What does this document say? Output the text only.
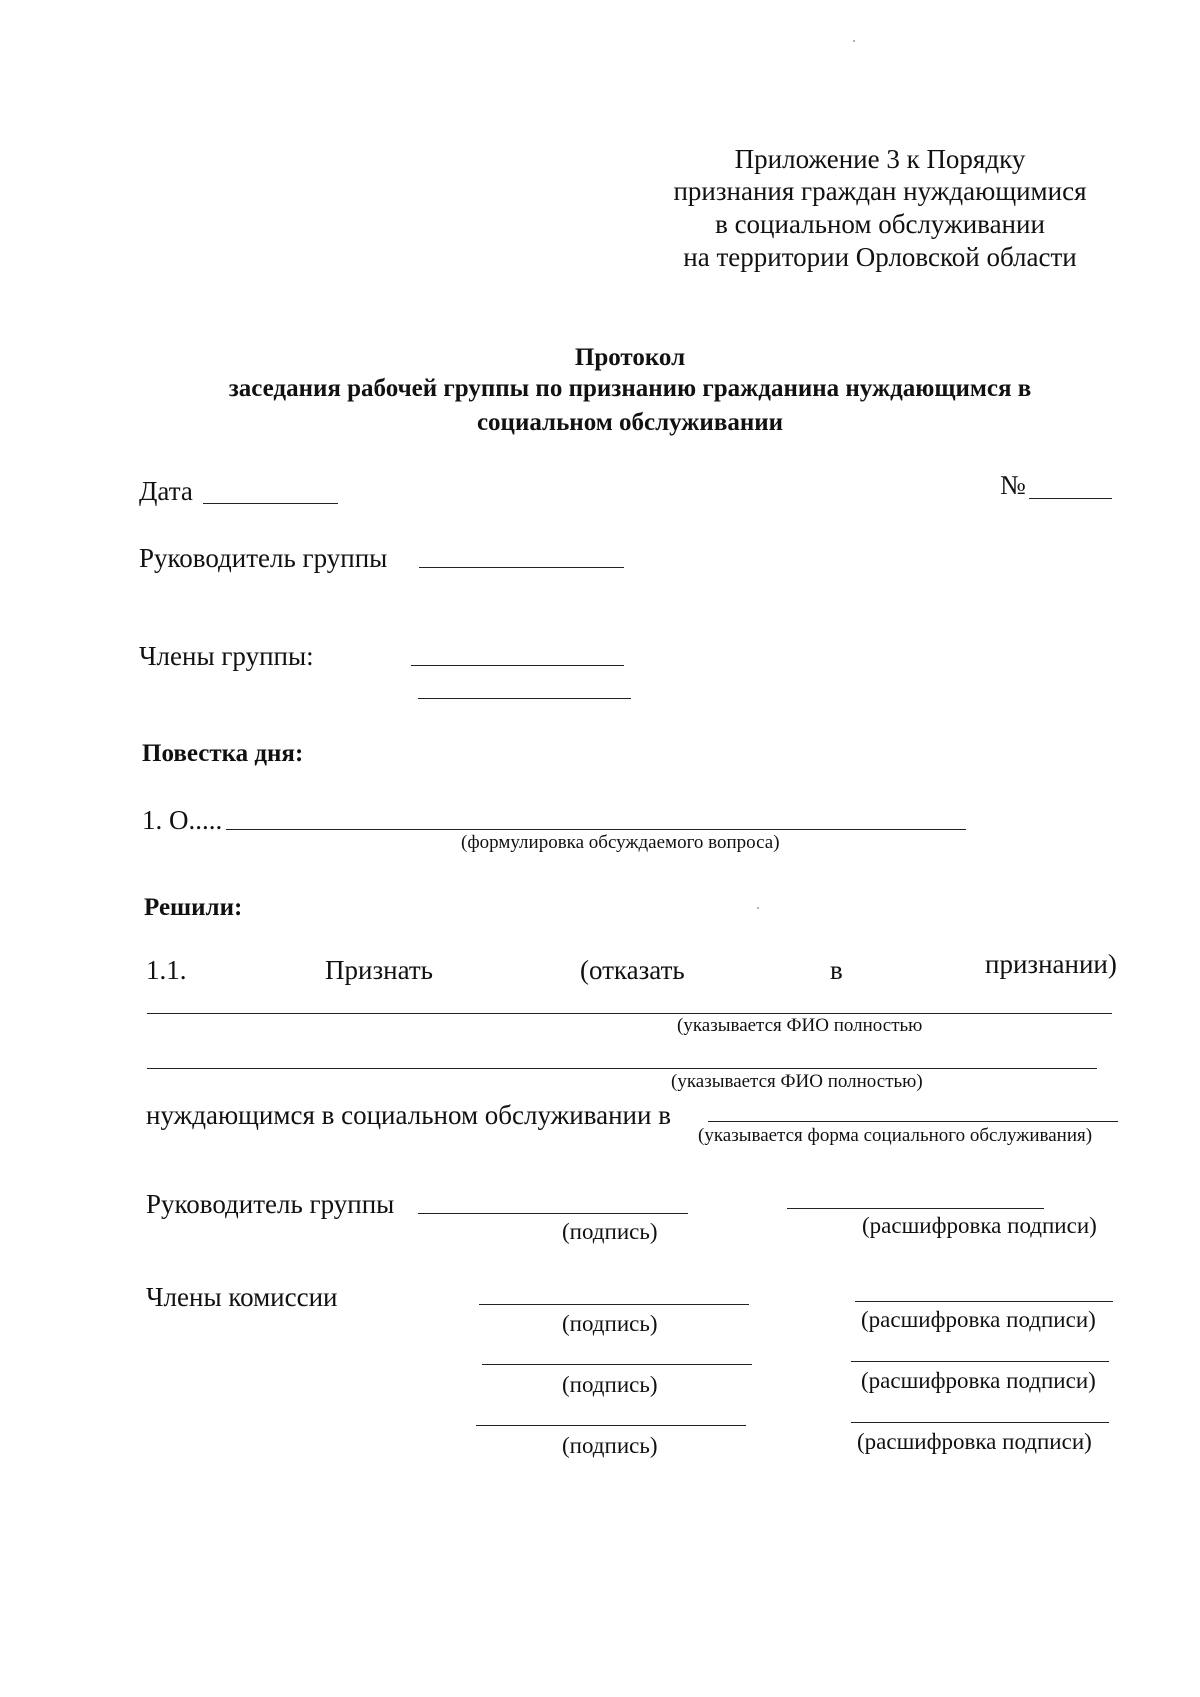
Приложение 3 к Порядку
признания граждан нуждающимися
в социальном обслуживании
на территории Орловской области
Протокол
заседания рабочей группы по признанию гражданина нуждающимся в
социальном обслуживании
Дата	№
Руководитель группы
Члены группы:
Повестка дня:
1. О.....
(формулировка обсуждаемого вопроса)
Решили:
1.1.	Признать	(отказать	в	признании)
(указывается ФИО полностью
(указывается ФИО полностью)
нуждающимся в социальном обслуживании в
(указывается форма социального обслуживания)
Руководитель группы
(подпись)	(расшифровка подписи)
Члены комиссии
(подпись)	(расшифровка подписи)
(подпись)	(расшифровка подписи)
(подпись)	(расшифровка подписи)
